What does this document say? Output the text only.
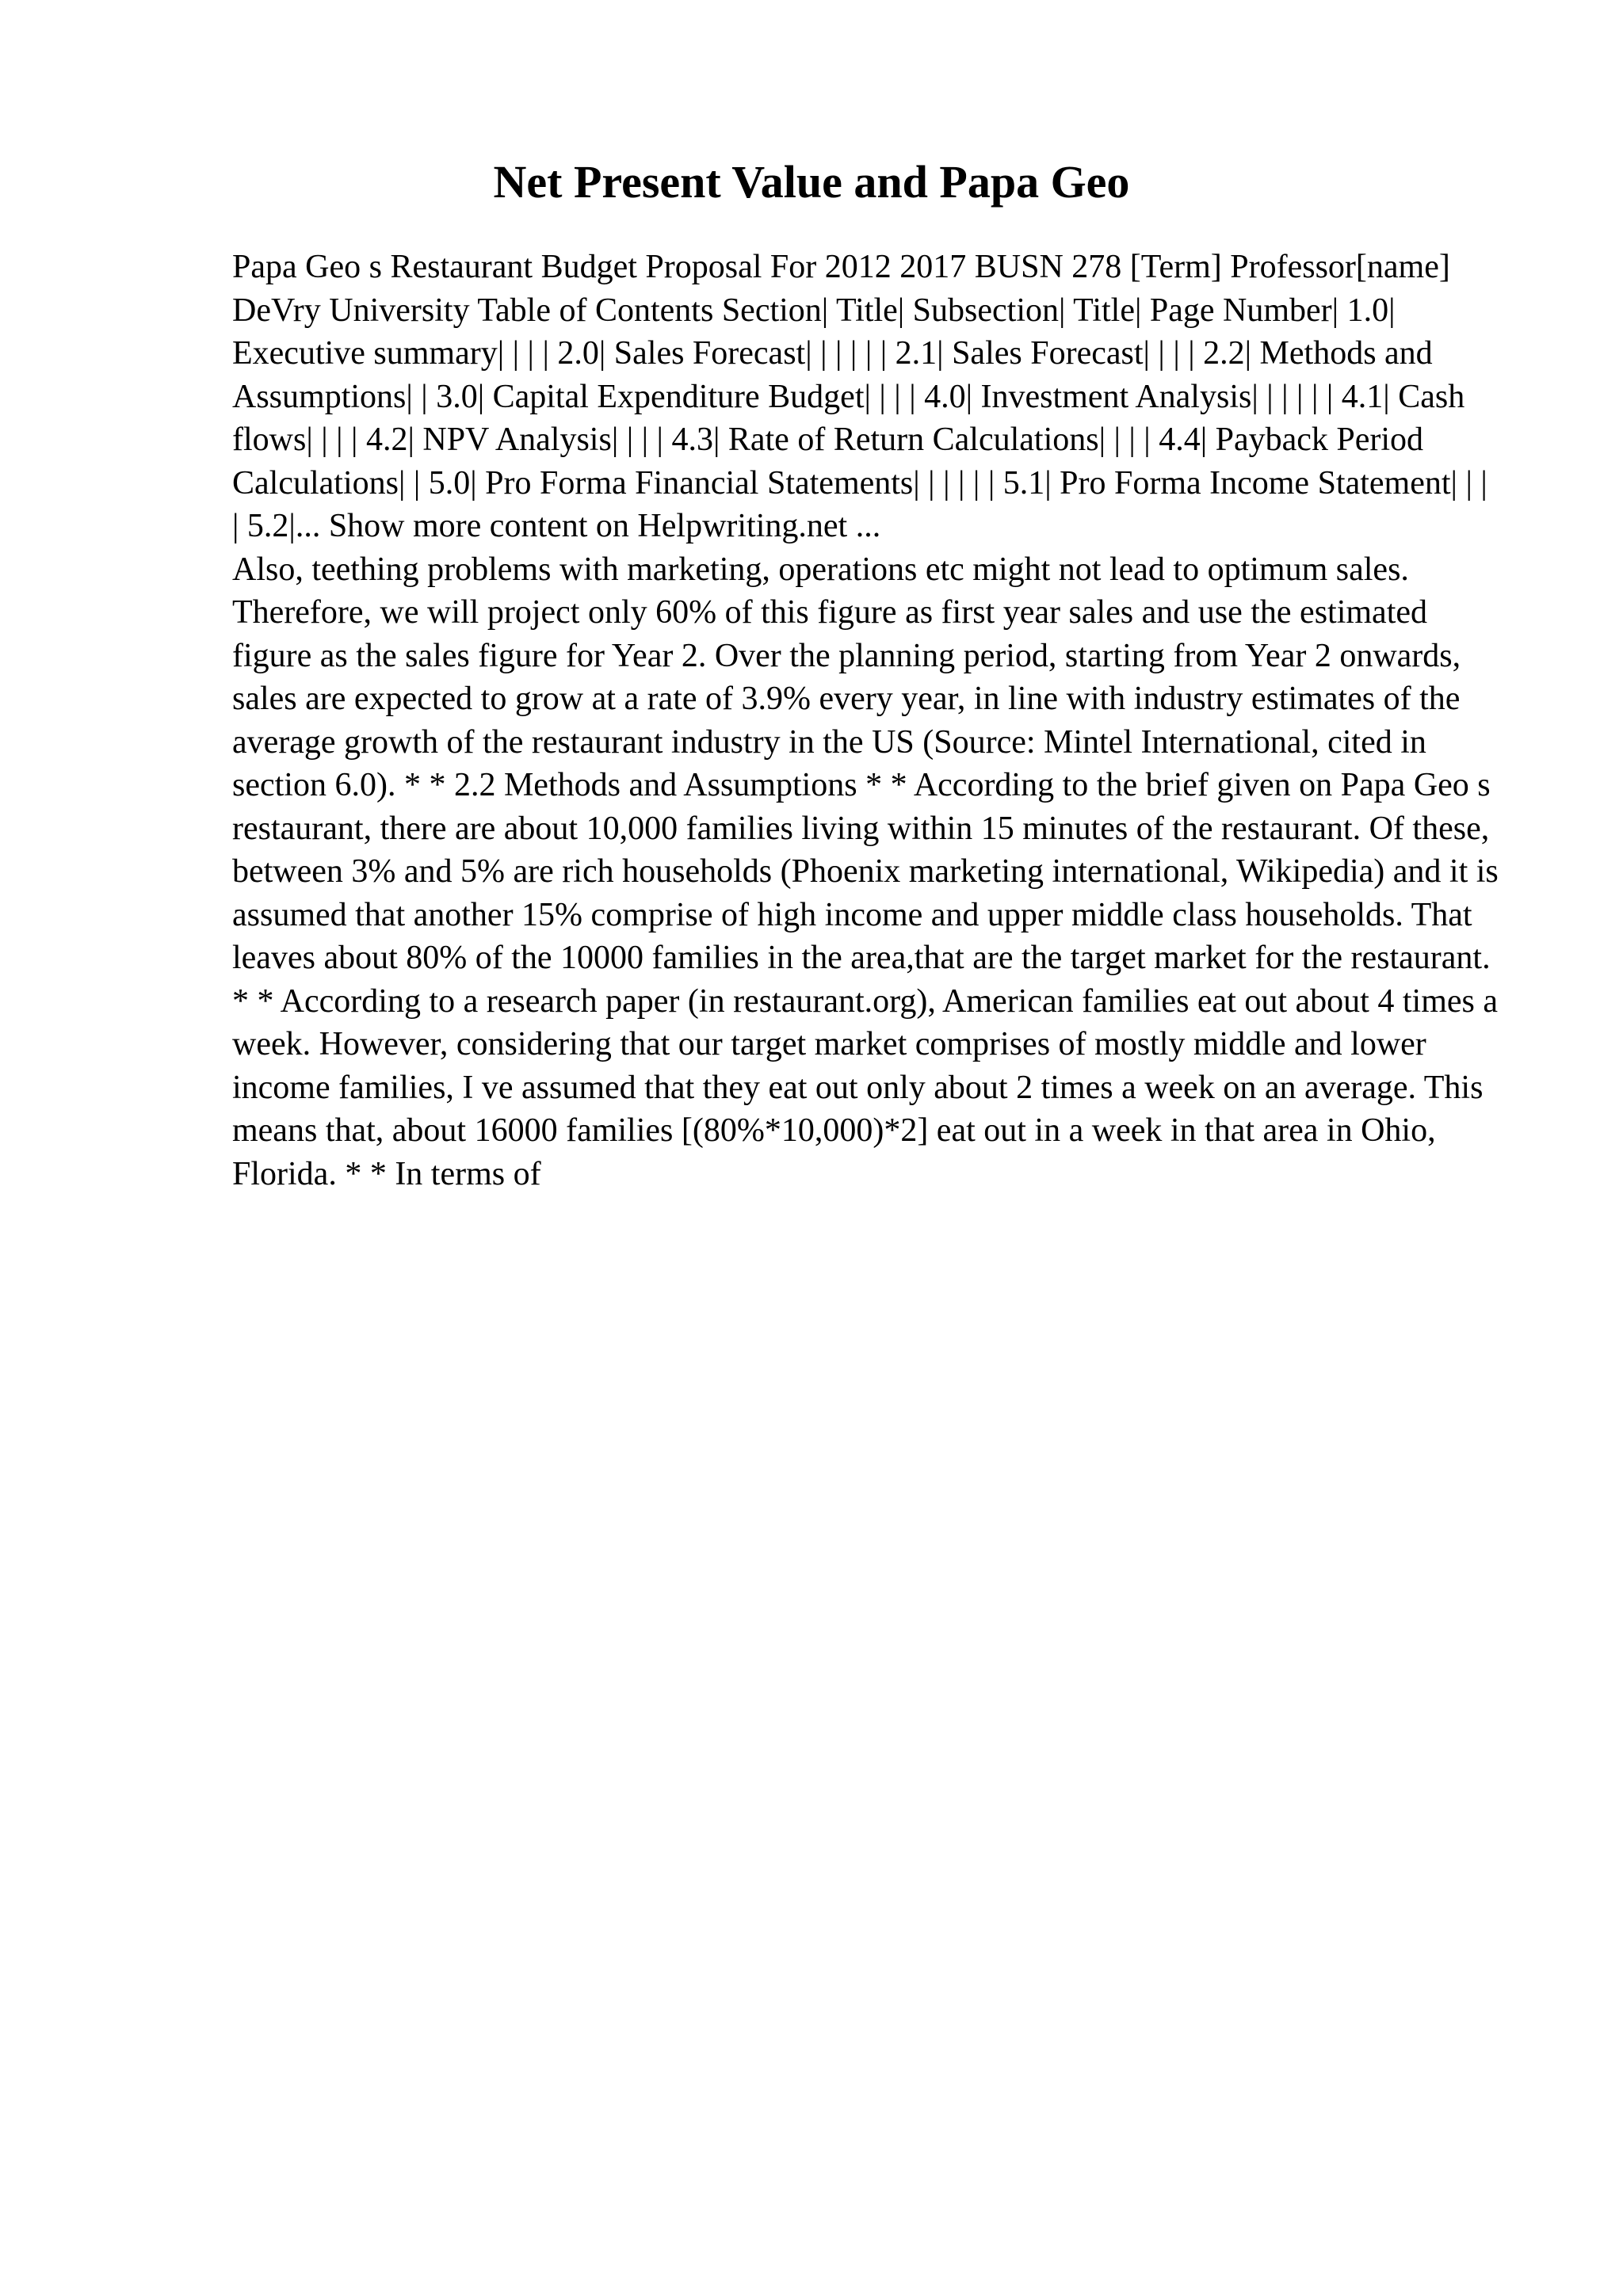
Net Present Value and Papa Geo

Papa Geo s Restaurant Budget Proposal For 2012 2017 BUSN 278 [Term] Professor[name] DeVry University Table of Contents Section| Title| Subsection| Title| Page Number| 1.0| Executive summary| | | | 2.0| Sales Forecast| | | | | | 2.1| Sales Forecast| | | | 2.2| Methods and Assumptions| | 3.0| Capital Expenditure Budget| | | | 4.0| Investment Analysis| | | | | | 4.1| Cash flows| | | | 4.2| NPV Analysis| | | | 4.3| Rate of Return Calculations| | | | 4.4| Payback Period Calculations| | 5.0| Pro Forma Financial Statements| | | | | | 5.1| Pro Forma Income Statement| | | | 5.2|... Show more content on Helpwriting.net ...

Also, teething problems with marketing, operations etc might not lead to optimum sales. Therefore, we will project only 60% of this figure as first year sales and use the estimated figure as the sales figure for Year 2. Over the planning period, starting from Year 2 onwards, sales are expected to grow at a rate of 3.9% every year, in line with industry estimates of the average growth of the restaurant industry in the US (Source: Mintel International, cited in section 6.0). * * 2.2 Methods and Assumptions * * According to the brief given on Papa Geo s restaurant, there are about 10,000 families living within 15 minutes of the restaurant. Of these, between 3% and 5% are rich households (Phoenix marketing international, Wikipedia) and it is assumed that another 15% comprise of high income and upper middle class households. That leaves about 80% of the 10000 families in the area,that are the target market for the restaurant. * * According to a research paper (in restaurant.org), American families eat out about 4 times a week. However, considering that our target market comprises of mostly middle and lower income families, I ve assumed that they eat out only about 2 times a week on an average. This means that, about 16000 families [(80%*10,000)*2] eat out in a week in that area in Ohio, Florida. * * In terms of
